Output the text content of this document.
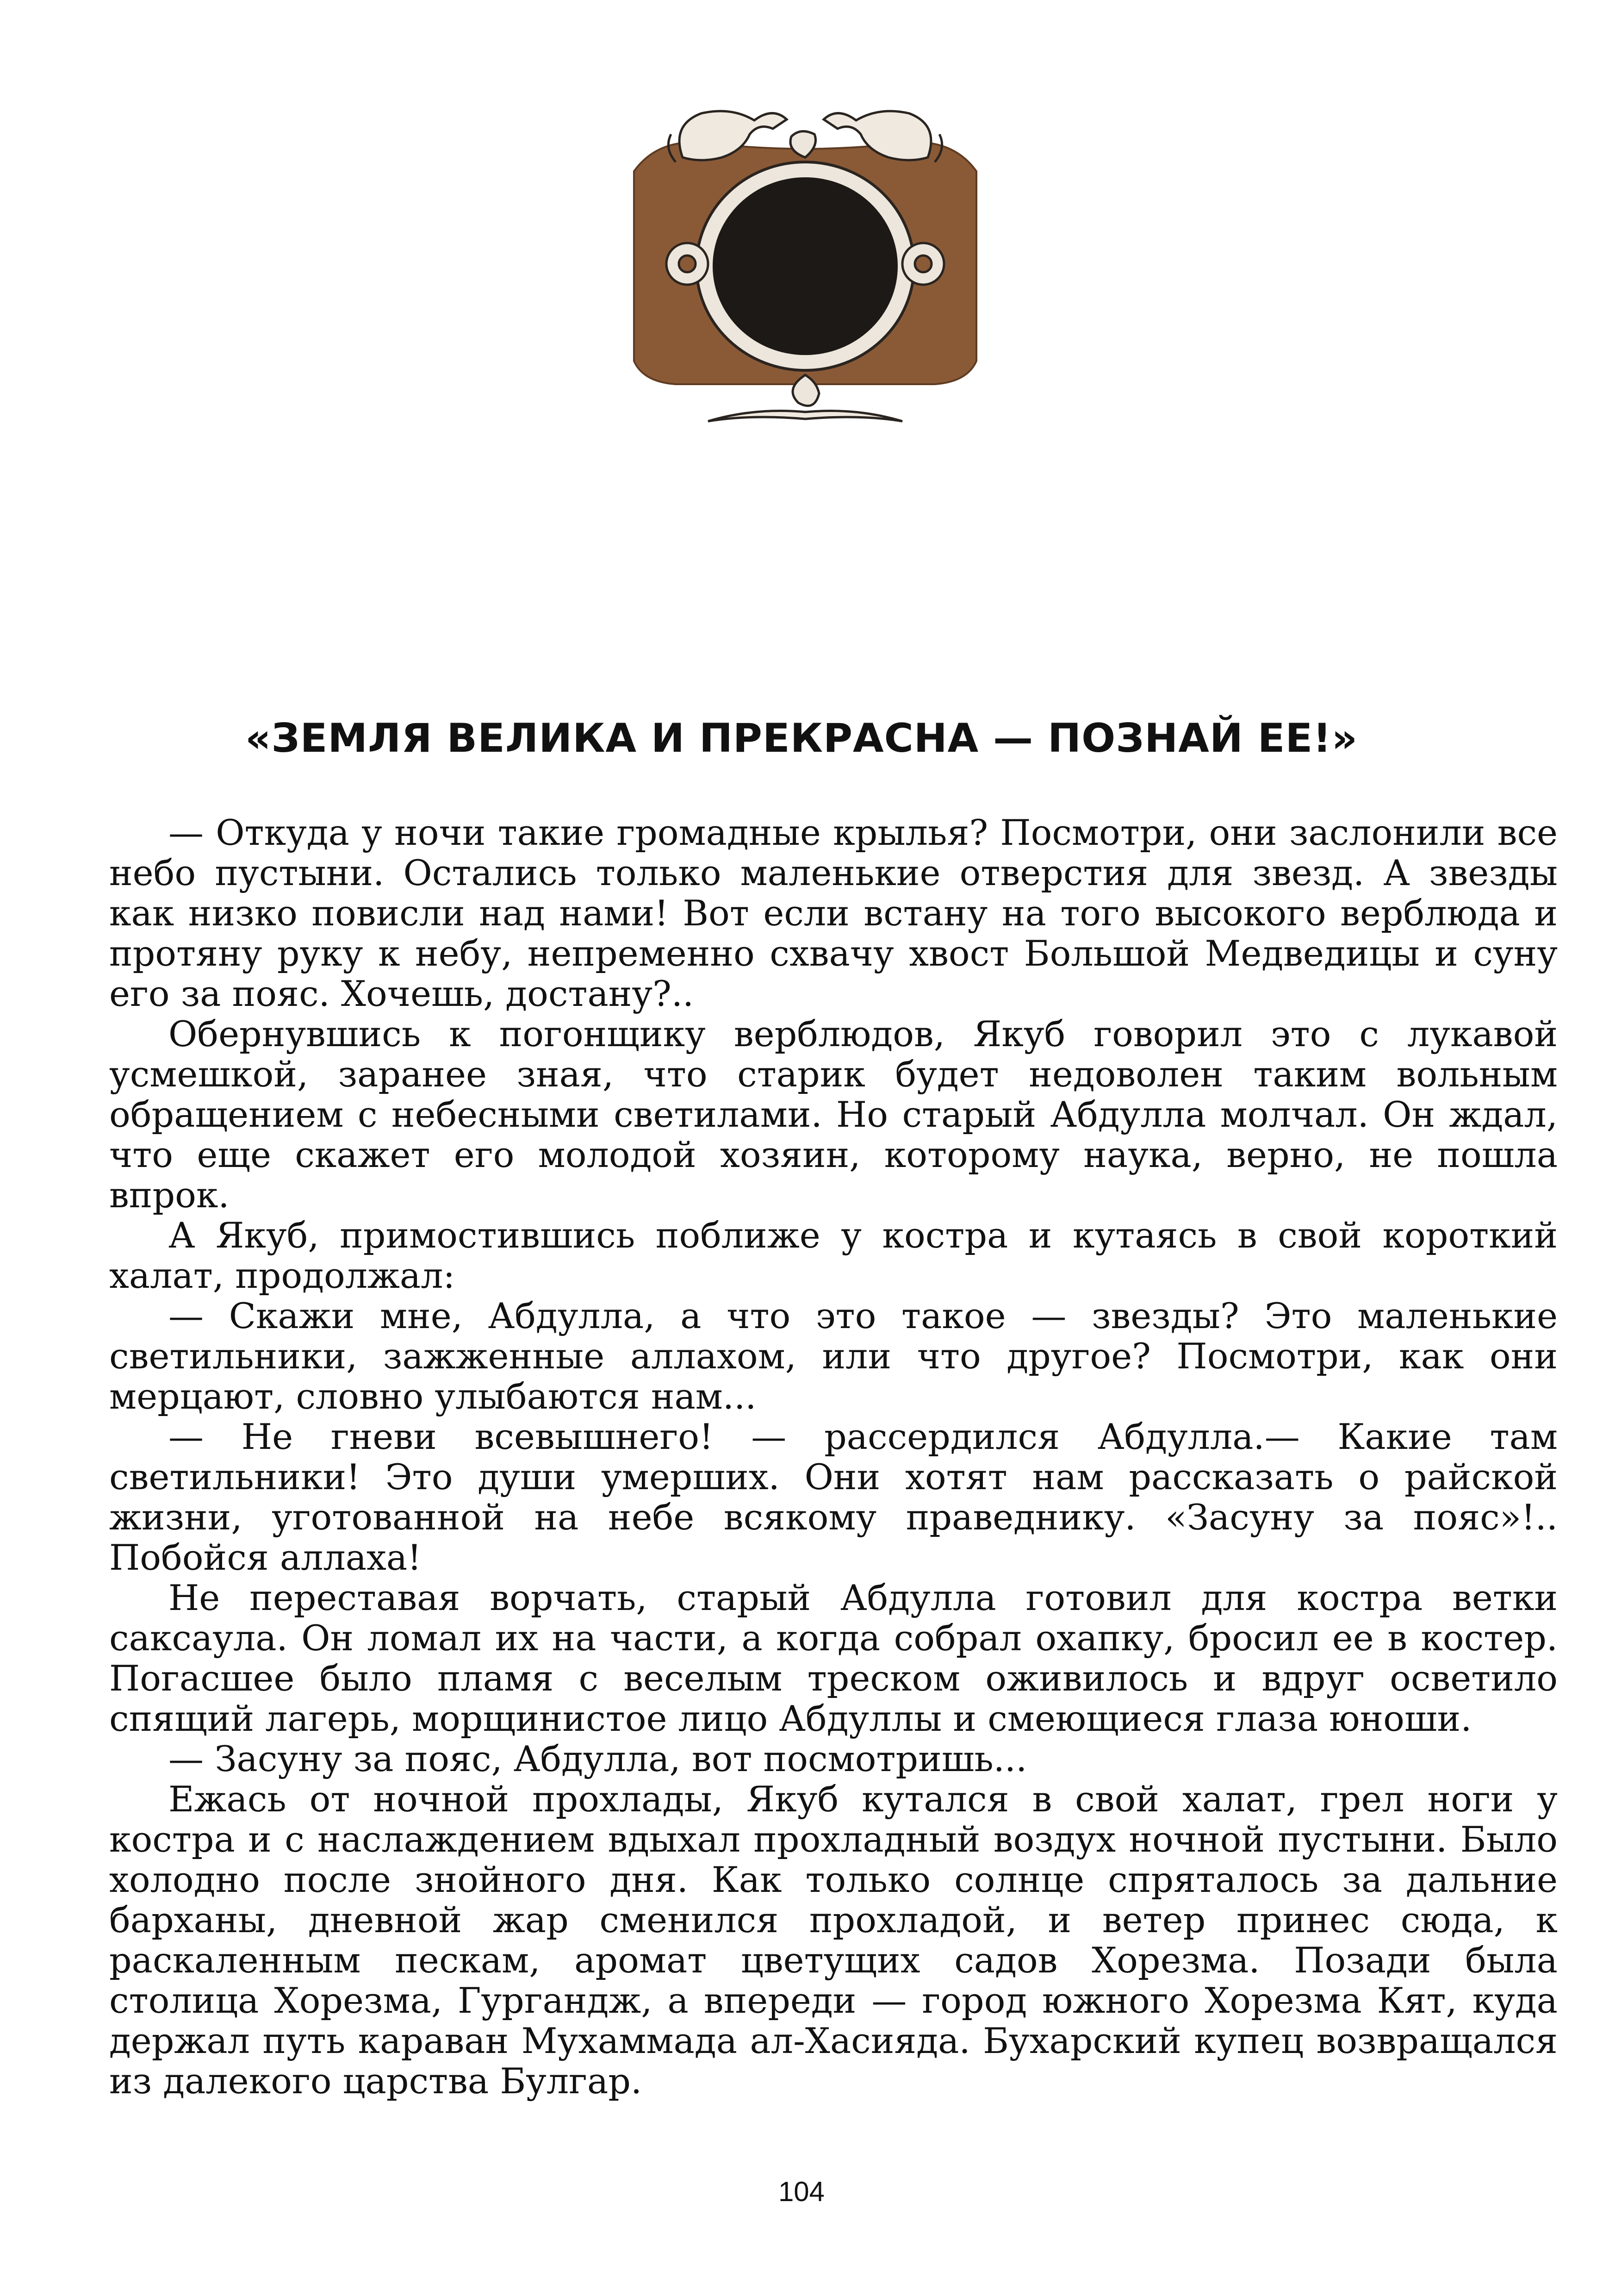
«ЗЕМЛЯ ВЕЛИКА И ПРЕКРАСНА — ПОЗНАЙ ЕЕ!»

— Откуда у ночи такие громадные крылья? Посмотри, они заслонили все небо пустыни. Остались только маленькие отверстия для звезд. А звезды как низко повисли над нами! Вот если встану на того высокого верблюда и протяну руку к небу, непременно схвачу хвост Большой Медведицы и суну его за пояс. Хочешь, достану?..

Обернувшись к погонщику верблюдов, Якуб говорил это с лукавой усмешкой, заранее зная, что старик будет недоволен таким вольным обращением с небесными светилами. Но старый Абдулла молчал. Он ждал, что еще скажет его молодой хозяин, которому наука, верно, не пошла впрок.

А Якуб, примостившись поближе у костра и кутаясь в свой короткий халат, продолжал:

— Скажи мне, Абдулла, а что это такое — звезды? Это маленькие светильники, зажженные аллахом, или что другое? Посмотри, как они мерцают, словно улыбаются нам...

— Не гневи всевышнего! — рассердился Абдулла.— Какие там светильники! Это души умерших. Они хотят нам рассказать о райской жизни, уготованной на небе всякому праведнику. «Засуну за пояс»!.. Побойся аллаха!

Не переставая ворчать, старый Абдулла готовил для костра ветки саксаула. Он ломал их на части, а когда собрал охапку, бросил ее в костер. Погасшее было пламя с веселым треском оживилось и вдруг осветило спящий лагерь, морщинистое лицо Абдуллы и смеющиеся глаза юноши.

— Засуну за пояс, Абдулла, вот посмотришь...

Ежась от ночной прохлады, Якуб кутался в свой халат, грел ноги у костра и с наслаждением вдыхал прохладный воздух ночной пустыни. Было холодно после знойного дня. Как только солнце спряталось за дальние барханы, дневной жар сменился прохладой, и ветер принес сюда, к раскаленным пескам, аромат цветущих садов Хорезма. Позади была столица Хорезма, Гургандж, а впереди — город южного Хорезма Кят, куда держал путь караван Мухаммада ал-Хасияда. Бухарский купец возвращался из далекого царства Булгар.

104
